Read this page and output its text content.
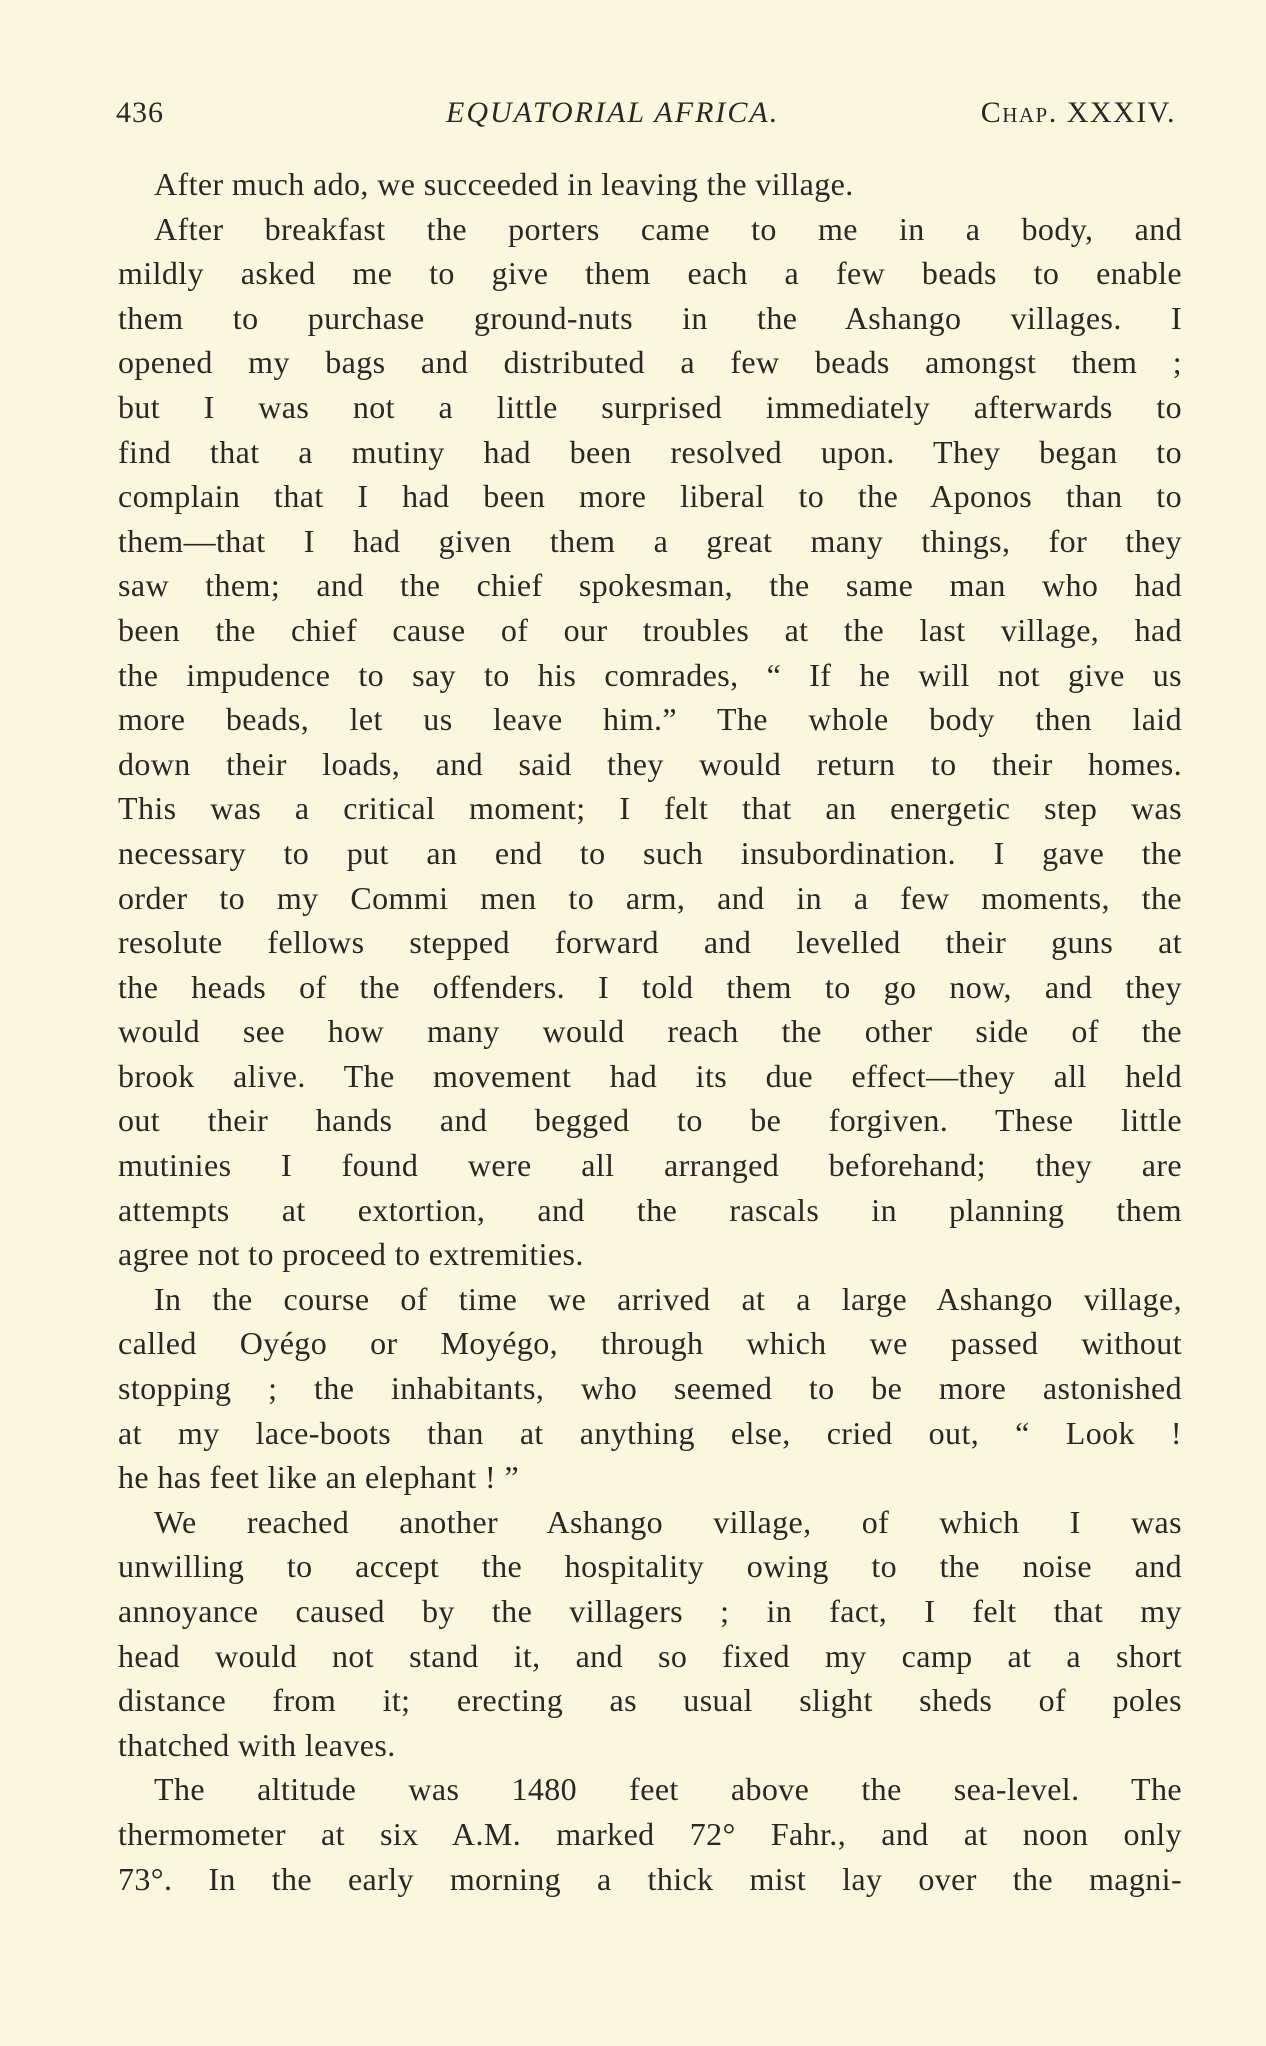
436	EQUATORIAL AFRICA.	Chap. XXXIV.
After much ado, we succeeded in leaving the village.
After breakfast the porters came to me in a body, and
mildly asked me to give them each a few beads to enable
them to purchase ground-nuts in the Ashango villages. I
opened my bags and distributed a few beads amongst them ;
but I was not a little surprised immediately afterwards to
find that a mutiny had been resolved upon. They began to
complain that I had been more liberal to the Aponos than to
them—that I had given them a great many things, for they
saw them; and the chief spokesman, the same man who had
been the chief cause of our troubles at the last village, had
the impudence to say to his comrades, “ If he will not give us
more beads, let us leave him.” The whole body then laid
down their loads, and said they would return to their homes.
This was a critical moment; I felt that an energetic step was
necessary to put an end to such insubordination. I gave the
order to my Commi men to arm, and in a few moments, the
resolute fellows stepped forward and levelled their guns at
the heads of the offenders. I told them to go now, and they
would see how many would reach the other side of the
brook alive. The movement had its due effect—they all held
out their hands and begged to be forgiven. These little
mutinies I found were all arranged beforehand; they are
attempts at extortion, and the rascals in planning them
agree not to proceed to extremities.
In the course of time we arrived at a large Ashango village,
called Oyégo or Moyégo, through which we passed without
stopping ; the inhabitants, who seemed to be more astonished
at my lace-boots than at anything else, cried out, “ Look !
he has feet like an elephant ! ”
We reached another Ashango village, of which I was
unwilling to accept the hospitality owing to the noise and
annoyance caused by the villagers ; in fact, I felt that my
head would not stand it, and so fixed my camp at a short
distance from it; erecting as usual slight sheds of poles
thatched with leaves.
The altitude was 1480 feet above the sea-level. The
thermometer at six A.M. marked 72° Fahr., and at noon only
73°. In the early morning a thick mist lay over the magni-
